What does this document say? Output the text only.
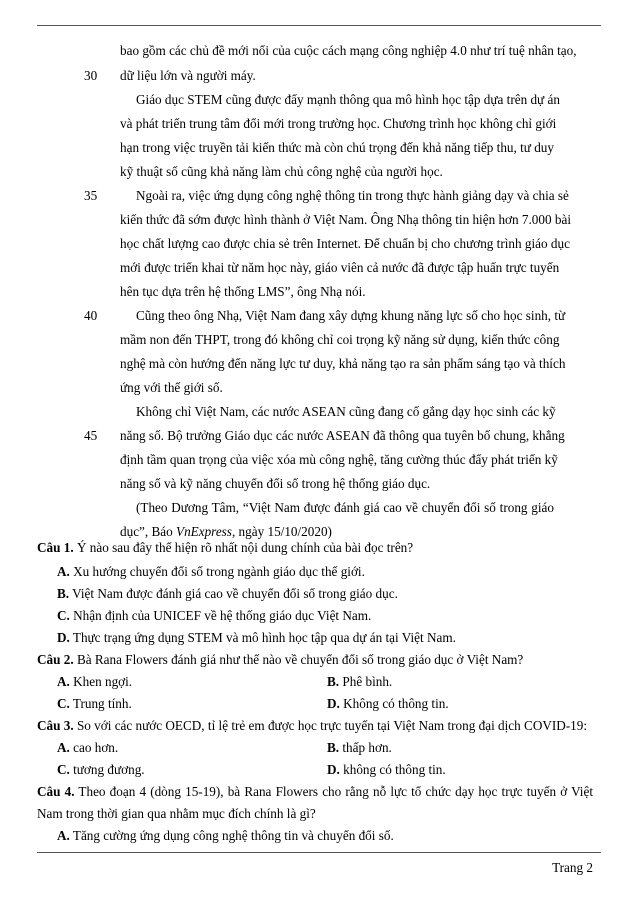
bao gồm các chủ đề mới nổi của cuộc cách mạng công nghiệp 4.0 như trí tuệ nhân tạo,
30 dữ liệu lớn và người máy.
Giáo dục STEM cũng được đẩy mạnh thông qua mô hình học tập dựa trên dự án
và phát triển trung tâm đổi mới trong trường học. Chương trình học không chỉ giới
hạn trong việc truyền tải kiến thức mà còn chú trọng đến khả năng tiếp thu, tư duy
kỹ thuật số cũng khả năng làm chủ công nghệ của người học.
35	Ngoài ra, việc ứng dụng công nghệ thông tin trong thực hành giảng dạy và chia sẻ
kiến thức đã sớm được hình thành ở Việt Nam. Ông Nhạ thông tin hiện hơn 7.000 bài
học chất lượng cao được chia sẻ trên Internet. Để chuẩn bị cho chương trình giáo dục
mới được triển khai từ năm học này, giáo viên cả nước đã được tập huấn trực tuyến
hên tục dựa trên hệ thống LMS”, ông Nhạ nói.
40	Cũng theo ông Nhạ, Việt Nam đang xây dựng khung năng lực số cho học sinh, từ
mầm non đến THPT, trong đó không chỉ coi trọng kỹ năng sử dụng, kiến thức công
nghệ mà còn hướng đến năng lực tư duy, khả năng tạo ra sản phẩm sáng tạo và thích
ứng với thế giới số.
Không chỉ Việt Nam, các nước ASEAN cũng đang cố gắng dạy học sinh các kỹ
45 năng số. Bộ trưởng Giáo dục các nước ASEAN đã thông qua tuyên bố chung, khẳng
định tầm quan trọng của việc xóa mù công nghệ, tăng cường thúc đẩy phát triển kỹ
năng số và kỹ năng chuyển đổi số trong hệ thống giáo dục.
(Theo Dương Tâm, “Việt Nam được đánh giá cao về chuyển đổi số trong giáo
dục”, Báo VnExpress, ngày 15/10/2020)
Câu 1. Ý nào sau đây thể hiện rõ nhất nội dung chính của bài đọc trên?
A. Xu hướng chuyển đổi số trong ngành giáo dục thế giới.
B. Việt Nam được đánh giá cao về chuyển đổi số trong giáo dục.
C. Nhận định của UNICEF về hệ thống giáo dục Việt Nam.
D. Thực trạng ứng dụng STEM và mô hình học tập qua dự án tại Việt Nam.
Câu 2. Bà Rana Flowers đánh giá như thế nào về chuyển đổi số trong giáo dục ở Việt Nam?
A. Khen ngợi.	B. Phê bình.
C. Trung tính.	D. Không có thông tin.
Câu 3. So với các nước OECD, tỉ lệ trẻ em được học trực tuyến tại Việt Nam trong đại dịch COVID-19:
A. cao hơn.	B. thấp hơn.
C. tương đương.	D. không có thông tin.
Câu 4. Theo đoạn 4 (dòng 15-19), bà Rana Flowers cho rằng nỗ lực tổ chức dạy học trực tuyến ở Việt
Nam trong thời gian qua nhằm mục đích chính là gì?
A. Tăng cường ứng dụng công nghệ thông tin và chuyển đổi số.
Trang 2
